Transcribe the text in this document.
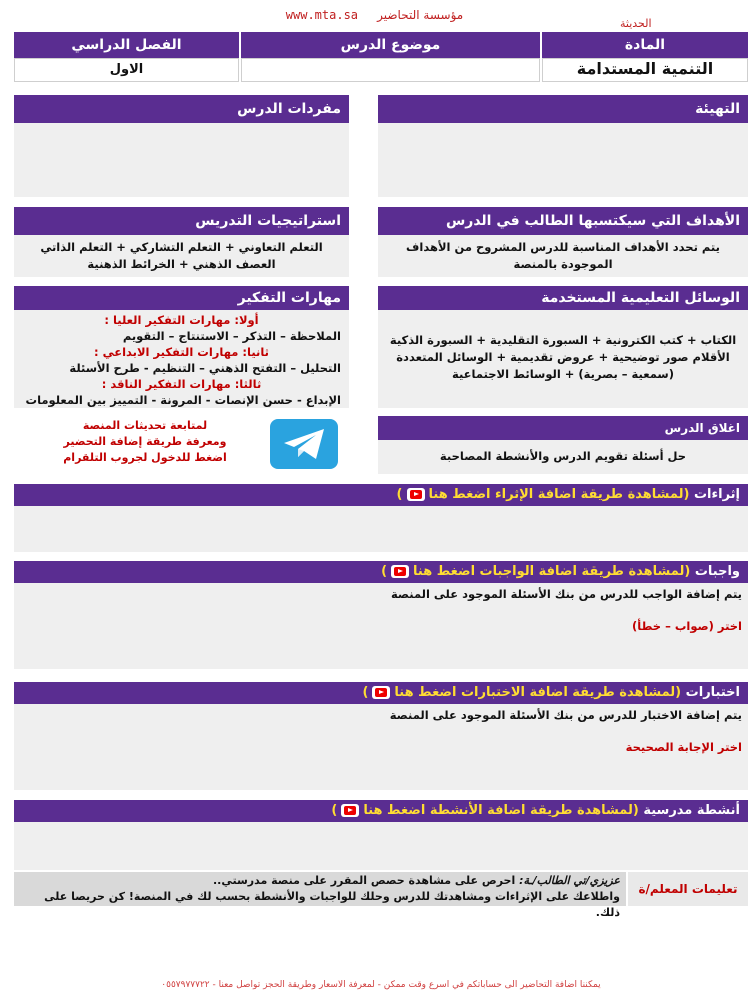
www.mta.sa مؤسسة التحاضير
الحديثة
المادة
موضوع الدرس
الفصل الدراسي
التنمية المستدامة
الاول
التهيئة
مفردات الدرس
الأهداف التي سيكتسبها الطالب في الدرس
يتم تحدد الأهداف المناسبة للدرس المشروح من الأهداف الموجودة بالمنصة
استراتيجيات التدريس
التعلم التعاوني + التعلم التشاركي + التعلم الذاتي
العصف الذهني + الخرائط الذهنية
الوسائل التعليمية المستخدمة
الكتاب + كتب الكترونية + السبورة التقليدية + السبورة الذكية
الأقلام صور توضيحية + عروض تقديمية + الوسائل المتعددة
(سمعية – بصرية) + الوسائط الاجتماعية
مهارات التفكير
أولا: مهارات التفكير العليا :
الملاحظة – التذكر – الاستنتاج – التقويم
ثانيا: مهارات التفكير الابداعي :
التحليل – التفتح الذهني – التنظيم - طرح الأسئلة
ثالثا: مهارات التفكير الناقد :
الإبداع - حسن الإنصات - المرونة - التمييز بين المعلومات
اغلاق الدرس
حل أسئلة تقويم الدرس والأنشطة المصاحبة
لمتابعة تحديثات المنصة
ومعرفة طريقة إضافة التحضير
اضغط للدخول لجروب التلقرام
إثراءات (لمشاهدة طريقة اضافة الإثراء اضغط هنا)
واجبات (لمشاهدة طريقة اضافة الواجبات اضغط هنا)
يتم إضافة الواجب للدرس من بنك الأسئلة الموجود على المنصة
اختر (صواب – خطأ)
اختبارات (لمشاهدة طريقة اضافة الاختبارات اضغط هنا)
يتم إضافة الاختبار للدرس من بنك الأسئلة الموجود على المنصة
اختر الإجابة الصحيحة
أنشطة مدرسية (لمشاهدة طريقة اضافة الأنشطة اضغط هنا)
تعليمات المعلم/ة
عزيزي/تي الطالب/ـة: احرص على مشاهدة حصص المقرر على منصة مدرستي..
واطلاعك على الإثراءات ومشاهدتك للدرس وحلك للواجبات والأنشطة بحسب لك في المنصة! كن حريصا على ذلك.
يمكننا اضافة التحاضير الى حساباتكم في أسرع وقت ممكن - لمعرفة الأسعار وطريقة الحجز تواصل معنا - ٠٥٥٧٩٧٧٧٢٢
